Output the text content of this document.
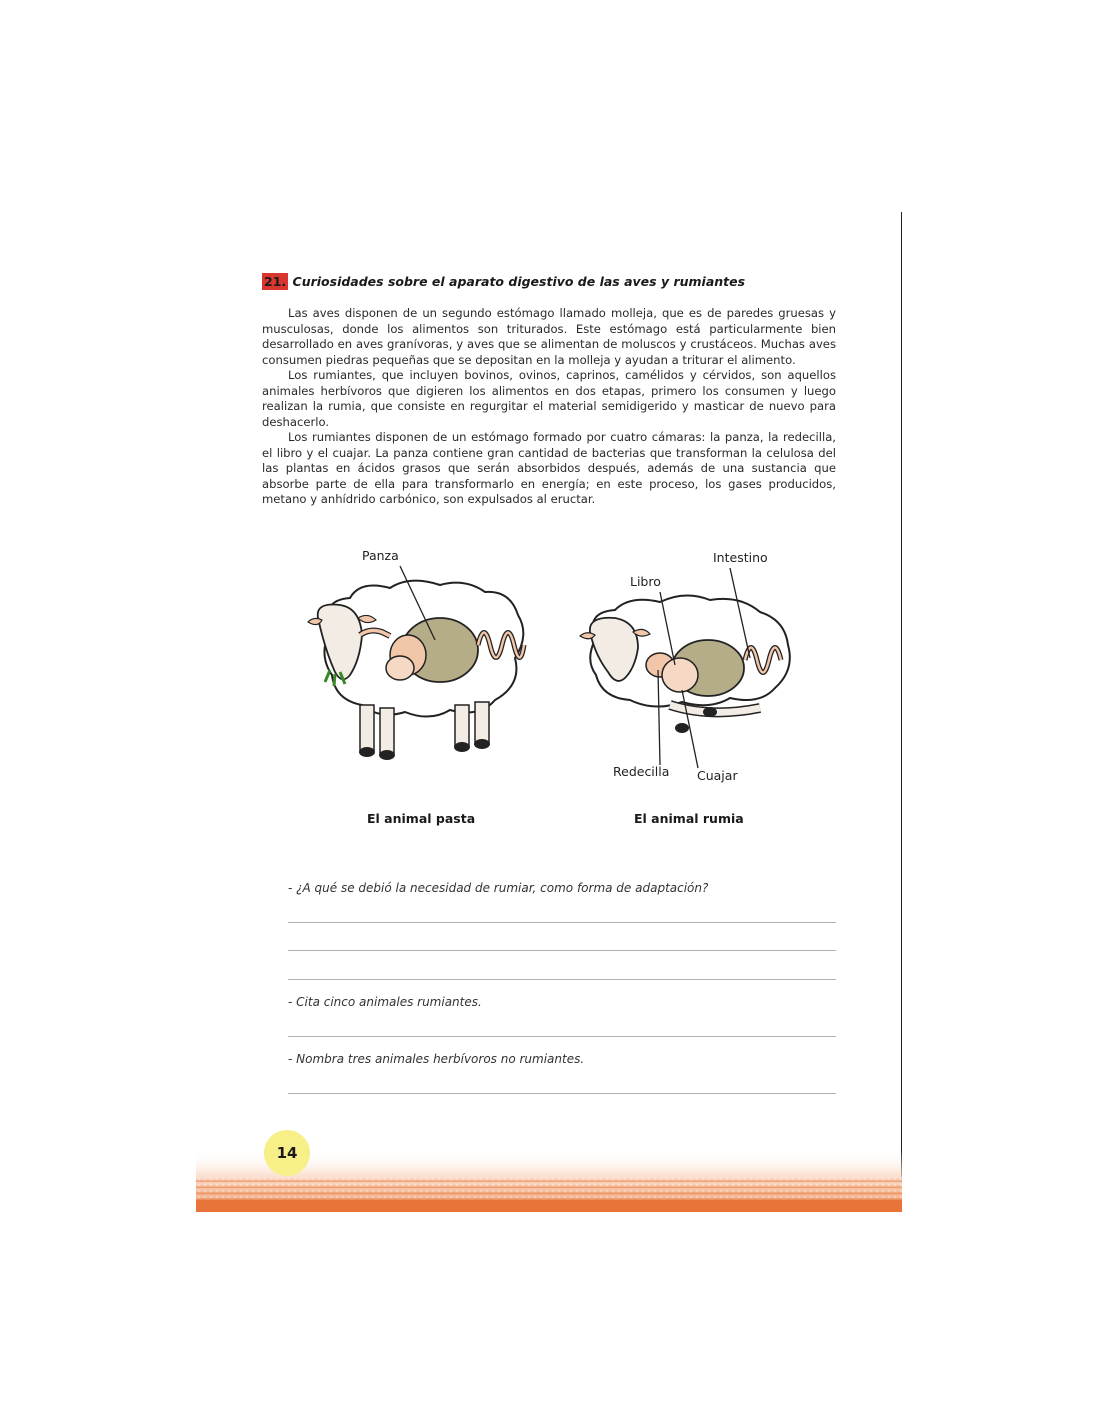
21. Curiosidades sobre el aparato digestivo de las aves y rumiantes

Las aves disponen de un segundo estómago llamado molleja, que es de paredes gruesas y musculosas, donde los alimentos son triturados. Este estómago está particularmente bien desarrollado en aves granívoras, y aves que se alimentan de moluscos y crustáceos. Muchas aves consumen piedras pequeñas que se depositan en la molleja y ayudan a triturar el alimento.

Los rumiantes, que incluyen bovinos, ovinos, caprinos, camélidos y cérvidos, son aquellos animales herbívoros que digieren los alimentos en dos etapas, primero los consumen y luego realizan la rumia, que consiste en regurgitar el material semidigerido y masticar de nuevo para deshacerlo.

Los rumiantes disponen de un estómago formado por cuatro cámaras: la panza, la redecilla, el libro y el cuajar. La panza contiene gran cantidad de bacterias que transforman la celulosa del las plantas en ácidos grasos que serán absorbidos después, además de una sustancia que absorbe parte de ella para transformarlo en energía; en este proceso, los gases producidos, metano y anhídrido carbónico, son expulsados al eructar.

Panza	Intestino
Libro
Redecilla Cuajar
El animal pasta	El animal rumia
- ¿A qué se debió la necesidad de rumiar, como forma de adaptación?
- Cita cinco animales rumiantes.
- Nombra tres animales herbívoros no rumiantes.
14
